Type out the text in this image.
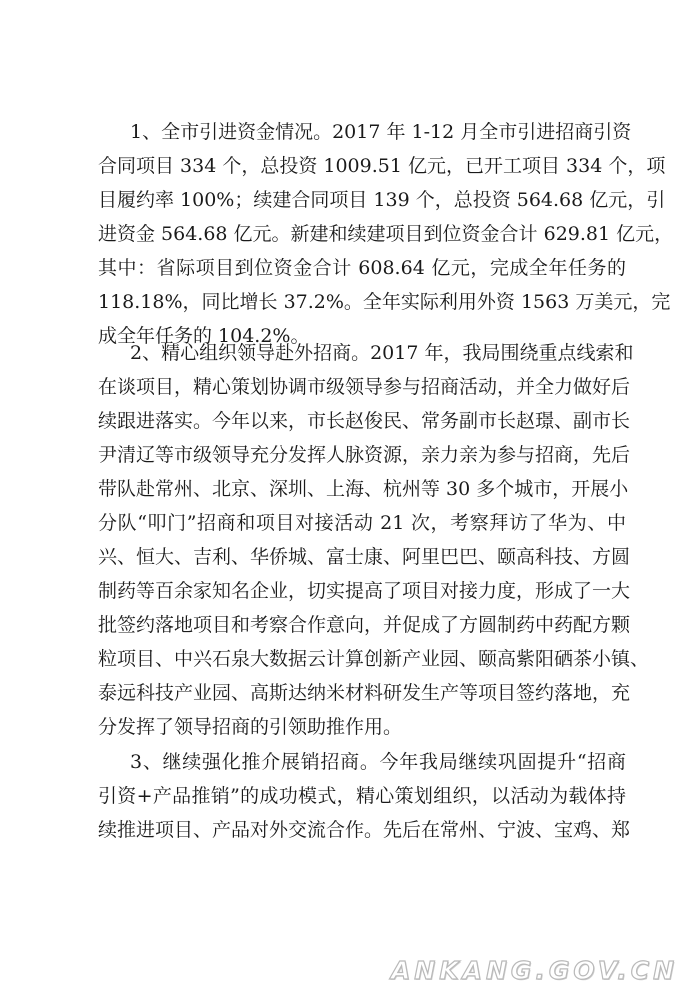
1、全市引进资金情况。2017 年 1-12 月全市引进招商引资
合同项目 334 个，总投资 1009.51 亿元，已开工项目 334 个，项
目履约率 100%；续建合同项目 139 个，总投资 564.68 亿元，引
进资金 564.68 亿元。新建和续建项目到位资金合计 629.81 亿元，
其中：省际项目到位资金合计 608.64 亿元，完成全年任务的
118.18%，同比增长 37.2%。全年实际利用外资 1563 万美元，完
成全年任务的 104.2%。
2、精心组织领导赴外招商。2017 年，我局围绕重点线索和
在谈项目，精心策划协调市级领导参与招商活动，并全力做好后
续跟进落实。今年以来，市长赵俊民、常务副市长赵璟、副市长
尹清辽等市级领导充分发挥人脉资源，亲力亲为参与招商，先后
带队赴常州、北京、深圳、上海、杭州等 30 多个城市，开展小
分队“叩门”招商和项目对接活动 21 次，考察拜访了华为、中
兴、恒大、吉利、华侨城、富士康、阿里巴巴、颐高科技、方圆
制药等百余家知名企业，切实提高了项目对接力度，形成了一大
批签约落地项目和考察合作意向，并促成了方圆制药中药配方颗
粒项目、中兴石泉大数据云计算创新产业园、颐高紫阳硒茶小镇、
泰远科技产业园、高斯达纳米材料研发生产等项目签约落地，充
分发挥了领导招商的引领助推作用。
3、继续强化推介展销招商。今年我局继续巩固提升“招商
引资+产品推销”的成功模式，精心策划组织，以活动为载体持
续推进项目、产品对外交流合作。先后在常州、宁波、宝鸡、郑
ANKANG.GOV.CN
